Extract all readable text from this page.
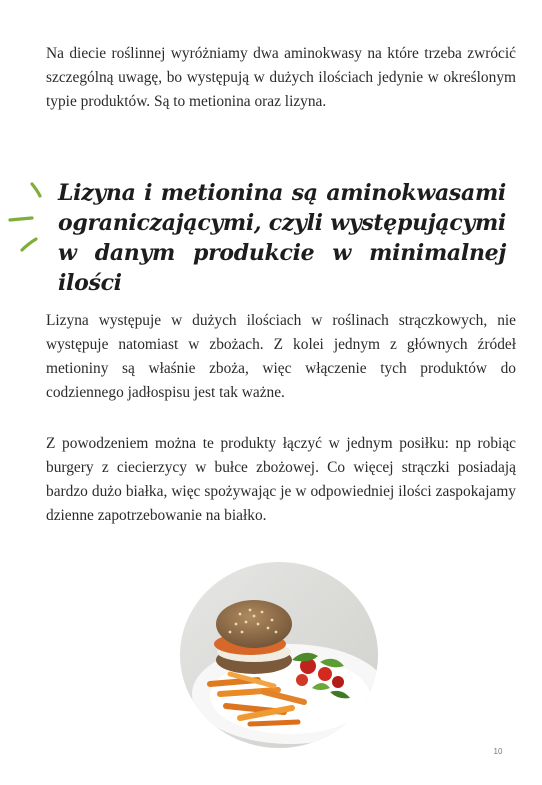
Na diecie roślinnej wyróżniamy dwa aminokwasy na które trzeba zwrócić szczególną uwagę, bo występują w dużych ilościach jedynie w określonym typie produktów. Są to metionina oraz lizyna.

Lizyna i metionina są aminokwasami ograniczającymi, czyli występującymi w danym produkcie w minimalnej ilości

Lizyna występuje w dużych ilościach w roślinach strączkowych, nie występuje natomiast w zbożach. Z kolei jednym z głównych źródeł metioniny są właśnie zboża, więc włączenie tych produktów do codziennego jadłospisu jest tak ważne.

Z powodzeniem można te produkty łączyć w jednym posiłku: np robiąc burgery z ciecierzycy w bułce zbożowej. Co więcej strączki posiadają bardzo dużo białka, więc spożywając je w odpowiedniej ilości zaspokajamy dzienne zapotrzebowanie na białko.

10
